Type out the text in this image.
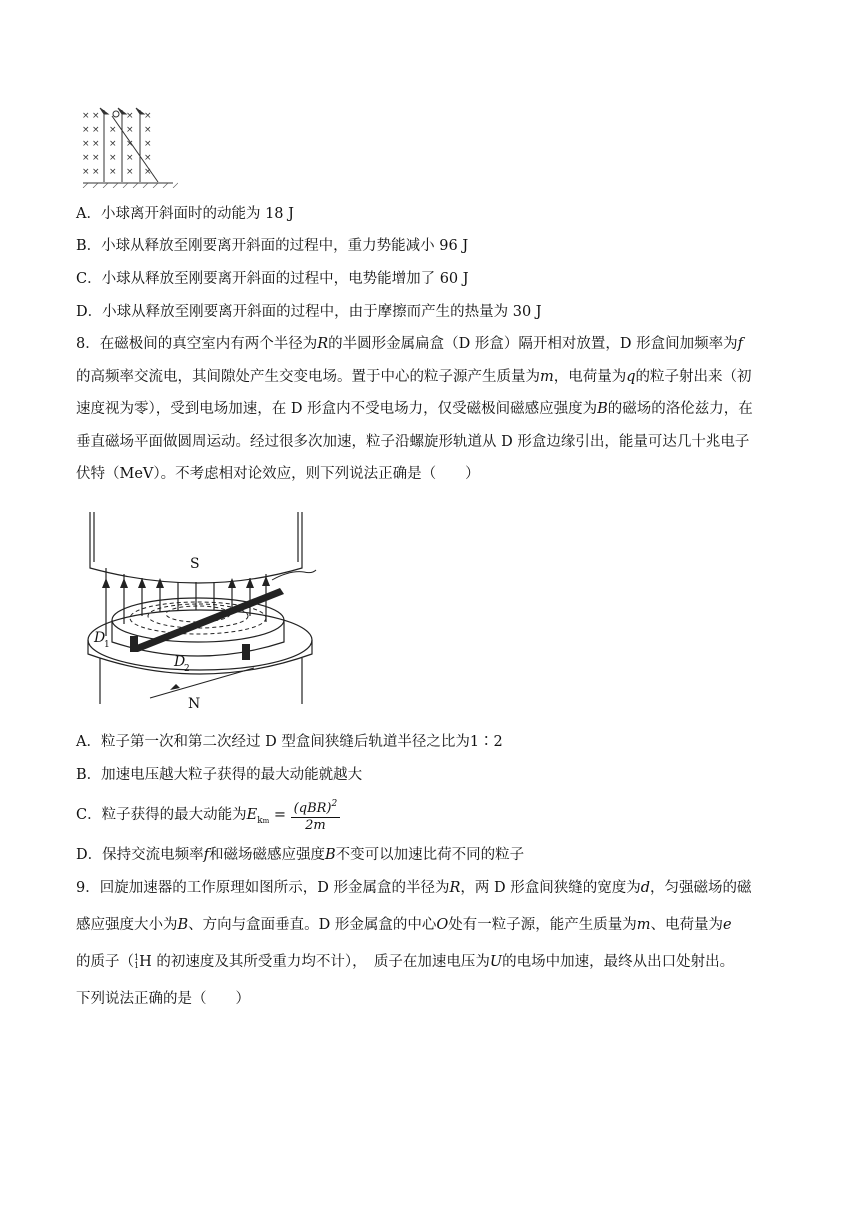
×
×
×
×
×
×
×
×
×
×
×
×
×
×
×
×
×
×
×
×
×
×
×
×
A．小球离开斜面时的动能为 18 J
B．小球从释放至刚要离开斜面的过程中，重力势能减小 96 J
C．小球从释放至刚要离开斜面的过程中，电势能增加了 60 J
D．小球从释放至刚要离开斜面的过程中，由于摩擦而产生的热量为 30 J
8．在磁极间的真空室内有两个半径为R的半圆形金属扁盒（D 形盒）隔开相对放置，D 形盒间加频率为f
的高频率交流电，其间隙处产生交变电场。置于中心的粒子源产生质量为m，电荷量为q的粒子射出来（初
速度视为零），受到电场加速，在 D 形盒内不受电场力，仅受磁极间磁感应强度为B的磁场的洛伦兹力，在
垂直磁场平面做圆周运动。经过很多次加速，粒子沿螺旋形轨道从 D 形盒边缘引出，能量可达几十兆电子
伏特（MeV）。不考虑相对论效应，则下列说法正确是（　　）
S
N
D
1
D
2
A．粒子第一次和第二次经过 D 型盒间狭缝后轨道半径之比为1∶2
B．加速电压越大粒子获得的最大动能就越大
C．粒子获得的最大动能为$E_{km} = \frac{(qBR)^2}{2m}$
D．保持交流电频率f和磁场磁感应强度B不变可以加速比荷不同的粒子
9．回旋加速器的工作原理如图所示，D 形金属盒的半径为R，两 D 形盒间狭缝的宽度为d，匀强磁场的磁
感应强度大小为B、方向与盒面垂直。D 形金属盒的中心O处有一粒子源，能产生质量为m、电荷量为e
的质子（ 1
1 H 的初速度及其所受重力均不计），　质子在加速电压为U的电场中加速，最终从出口处射出。
下列说法正确的是（　　）
